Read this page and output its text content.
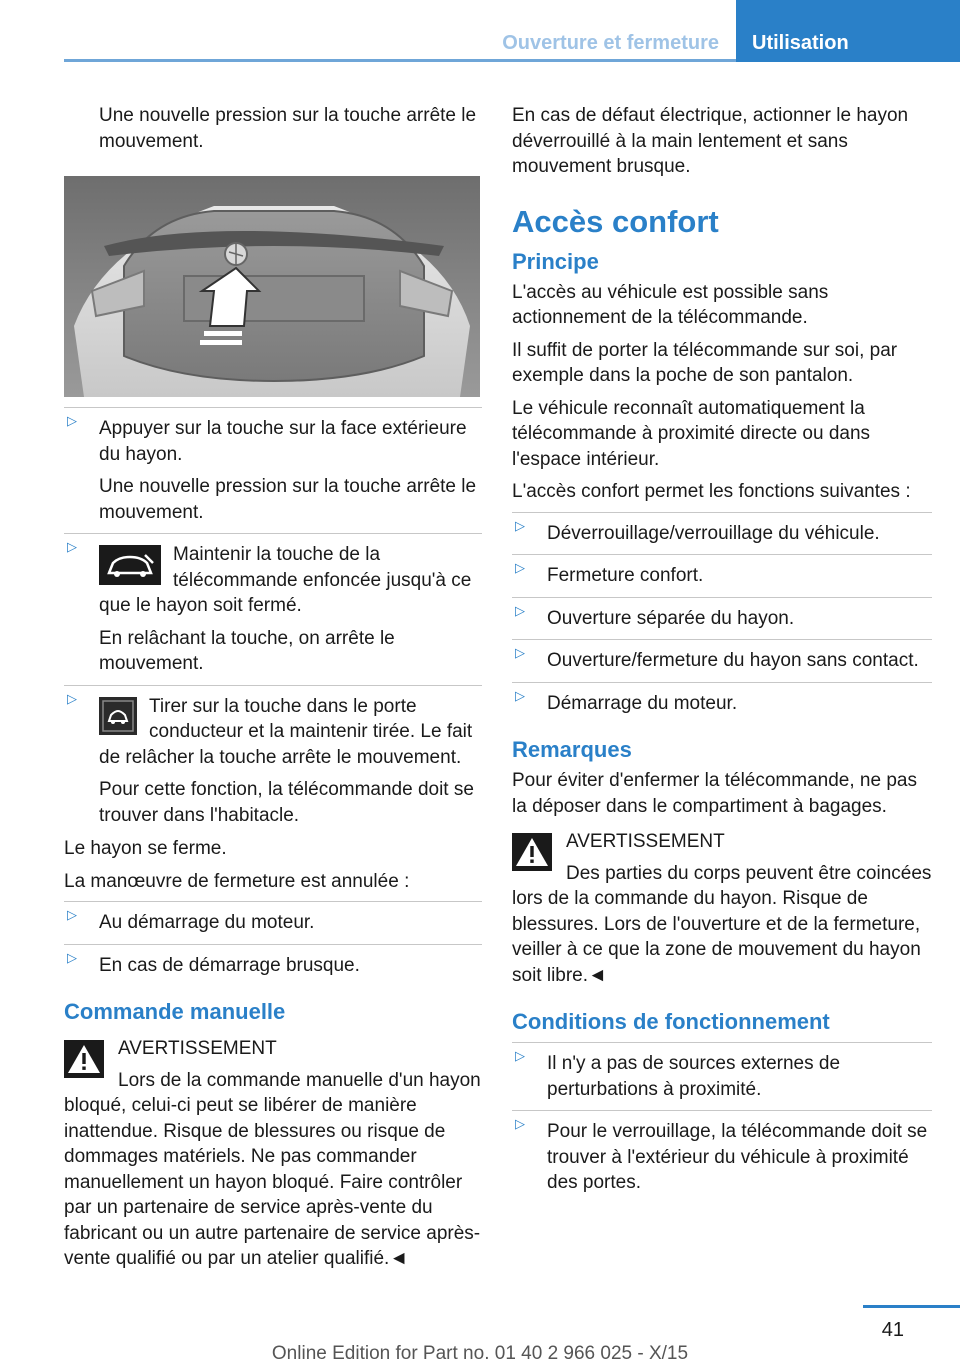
Ouverture et fermeture	Utilisation

Une nouvelle pression sur la touche arrête le mouvement.

▷ Appuyer sur la touche sur la face extérieure du hayon.

Une nouvelle pression sur la touche arrête le mouvement.

▷ Maintenir la touche de la télécommande enfoncée jusqu'à ce que le hayon soit fermé.

En relâchant la touche, on arrête le mouvement.

▷ Tirer sur la touche dans le porte conducteur et la maintenir tirée. Le fait de relâcher la touche arrête le mouvement.

Pour cette fonction, la télécommande doit se trouver dans l'habitacle.

Le hayon se ferme.

La manœuvre de fermeture est annulée :

▷ Au démarrage du moteur.

▷ En cas de démarrage brusque.

Commande manuelle

AVERTISSEMENT

Lors de la commande manuelle d'un hayon bloqué, celui-ci peut se libérer de manière inattendue. Risque de blessures ou risque de dommages matériels. Ne pas commander manuellement un hayon bloqué. Faire contrôler par un partenaire de service après-vente du fabricant ou un autre partenaire de service après-vente qualifié ou par un atelier qualifié.◄

En cas de défaut électrique, actionner le hayon déverrouillé à la main lentement et sans mouvement brusque.

Accès confort
Principe

L'accès au véhicule est possible sans actionnement de la télécommande.

Il suffit de porter la télécommande sur soi, par exemple dans la poche de son pantalon.

Le véhicule reconnaît automatiquement la télécommande à proximité directe ou dans l'espace intérieur.

L'accès confort permet les fonctions suivantes :

▷ Déverrouillage/verrouillage du véhicule.

▷ Fermeture confort.

▷ Ouverture séparée du hayon.

▷ Ouverture/fermeture du hayon sans contact.

▷ Démarrage du moteur.

Remarques

Pour éviter d'enfermer la télécommande, ne pas la déposer dans le compartiment à bagages.

AVERTISSEMENT

Des parties du corps peuvent être coincées lors de la commande du hayon. Risque de blessures. Lors de l'ouverture et de la fermeture, veiller à ce que la zone de mouvement du hayon soit libre.◄

Conditions de fonctionnement

▷ Il n'y a pas de sources externes de perturbations à proximité.

▷ Pour le verrouillage, la télécommande doit se trouver à l'extérieur du véhicule à proximité des portes.

41
Online Edition for Part no. 01 40 2 966 025 - X/15
